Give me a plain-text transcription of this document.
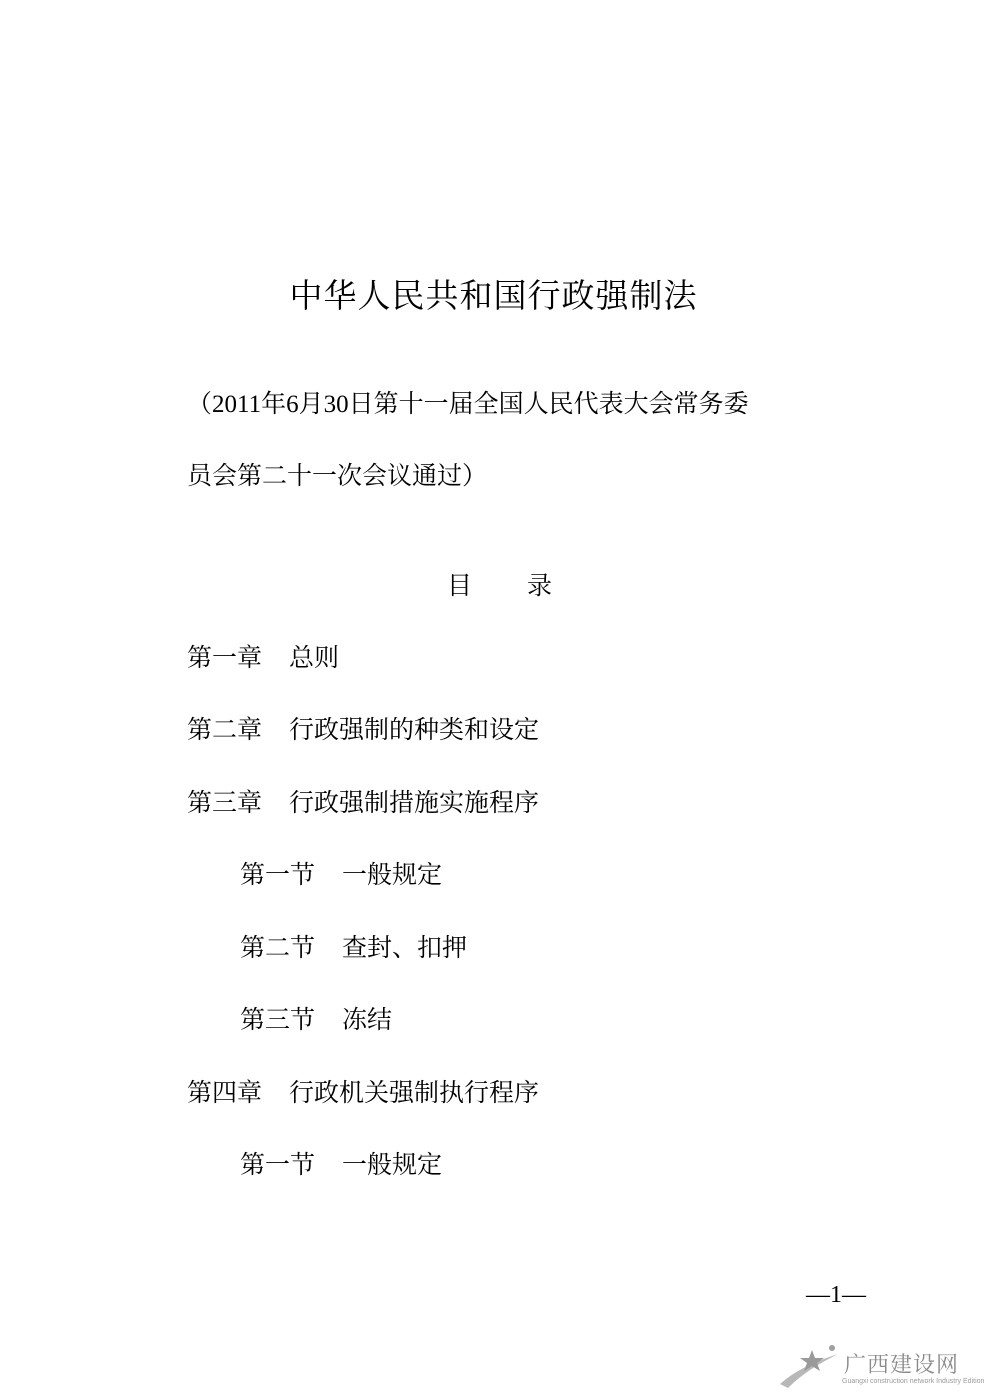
中华人民共和国行政强制法
（2011年6月30日第十一届全国人民代表大会常务委
员会第二十一次会议通过）
目 录
第一章 总则
第二章 行政强制的种类和设定
第三章 行政强制措施实施程序
第一节 一般规定
第二节 查封、扣押
第三节 冻结
第四章 行政机关强制执行程序
第一节 一般规定
—1—
广西建设网
Guangxi construction network Industry Edition
